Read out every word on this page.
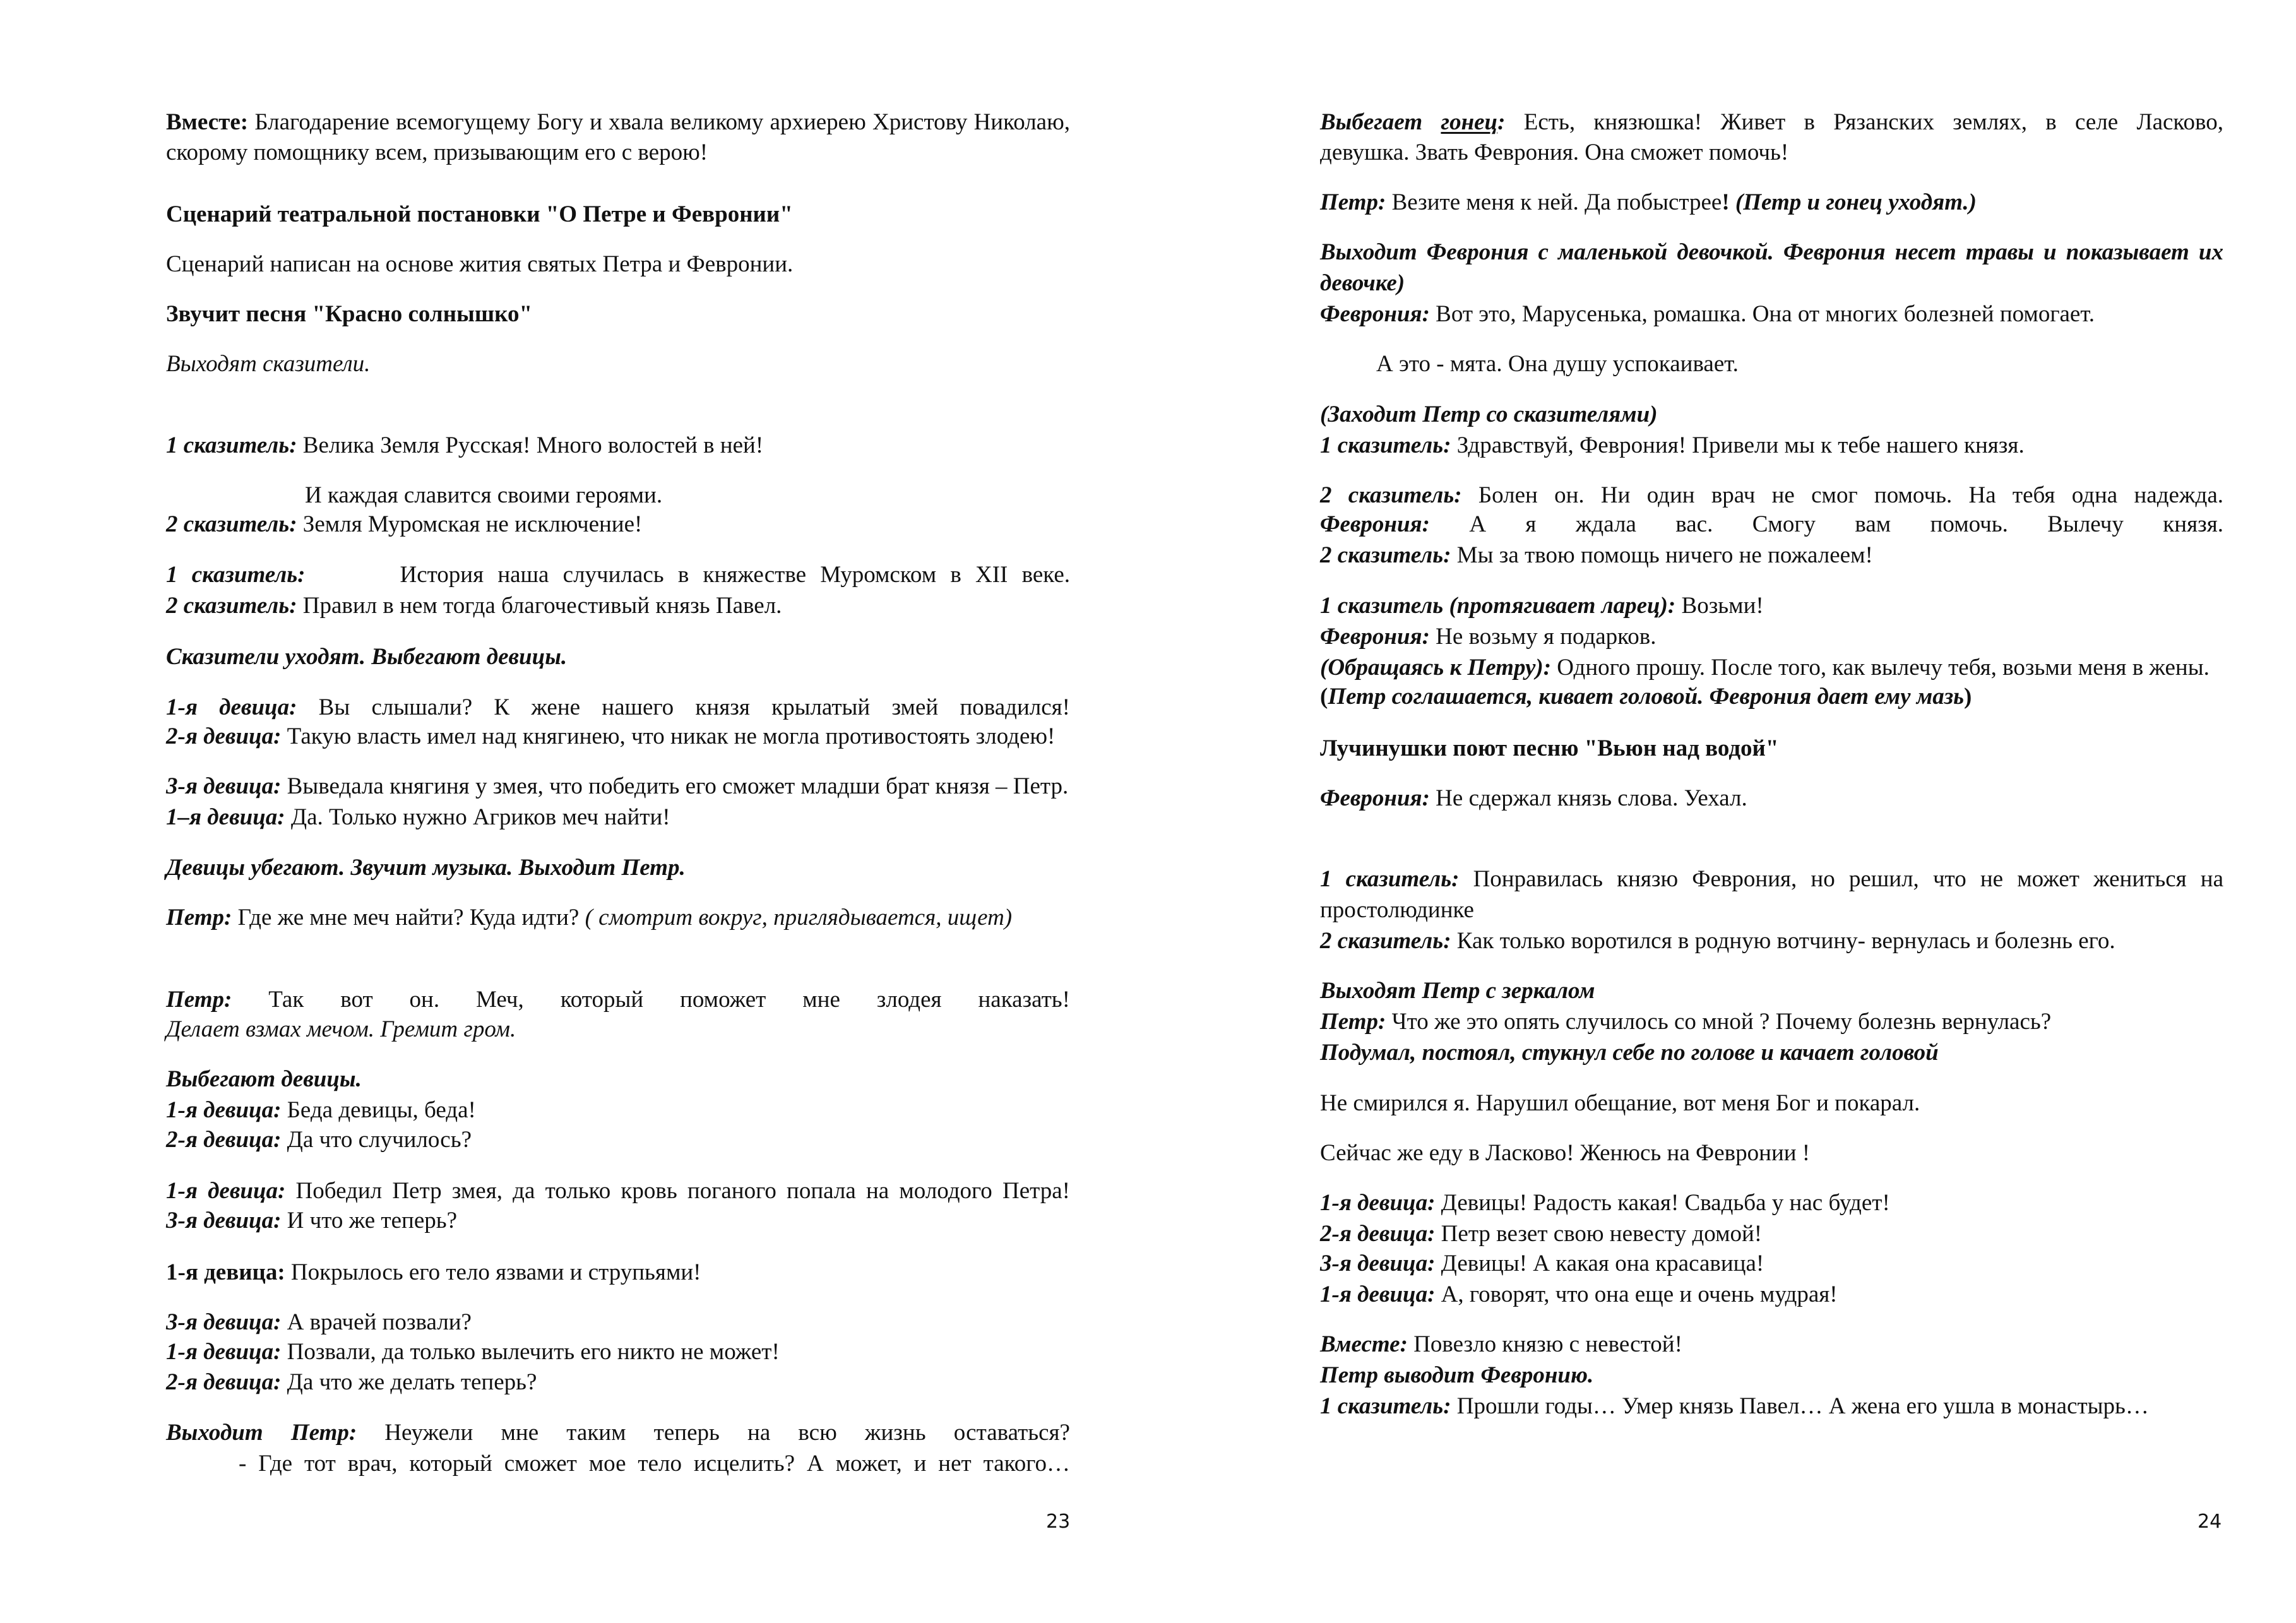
Вместе: Благодарение всемогущему Богу и хвала великому архиерею Христову Николаю,
скорому помощнику всем, призывающим его с верою!
Сценарий театральной постановки "О Петре и Февронии"
Сценарий написан на основе жития святых Петра и Февронии.
Звучит песня "Красно солнышко"
Выходят сказители.
1 сказитель: Велика Земля Русская! Много волостей в ней!
И каждая славится своими героями.
2 сказитель: Земля Муромская не исключение!
1 сказитель:	История наша случилась в княжестве Муромском в XII веке.
2 сказитель: Правил в нем тогда благочестивый князь Павел.
Сказители уходят. Выбегают девицы.
1-я девица: Вы слышали? К жене нашего князя крылатый змей повадился!
2-я девица: Такую власть имел над княгинею, что никак не могла противостоять злодею!
3-я девица: Выведала княгиня у змея, что победить его сможет младши брат князя – Петр.
1–я девица: Да. Только нужно Агриков меч найти!
Девицы убегают. Звучит музыка. Выходит Петр.
Петр: Где же мне меч найти? Куда идти? ( смотрит вокруг, приглядывается, ищет)
Петр: Так вот он. Меч, который поможет мне злодея наказать!
Делает взмах мечом. Гремит гром.
Выбегают девицы.
1-я девица: Беда девицы, беда!
2-я девица: Да что случилось?
1-я девица: Победил Петр змея, да только кровь поганого попала на молодого Петра!
3-я девица: И что же теперь?
1-я девица: Покрылось его тело язвами и струпьями!
3-я девица: А врачей позвали?
1-я девица: Позвали, да только вылечить его никто не может!
2-я девица: Да что же делать теперь?
Выходит Петр: Неужели мне таким теперь на всю жизнь оставаться?
- Где тот врач, который сможет мое тело исцелить? А может, и нет такого…
23
Выбегает гонец: Есть, князюшка! Живет в Рязанских землях, в селе Ласково,
девушка. Звать Феврония. Она сможет помочь!
Петр: Везите меня к ней. Да побыстрее! (Петр и гонец уходят.)
Выходит Феврония с маленькой девочкой. Феврония несет травы и показывает их
девочке)
Феврония: Вот это, Марусенька, ромашка. Она от многих болезней помогает.
А это - мята. Она душу успокаивает.
(Заходит Петр со сказителями)
1 сказитель: Здравствуй, Феврония! Привели мы к тебе нашего князя.
2 сказитель: Болен он. Ни один врач не смог помочь. На тебя одна надежда.
Феврония: А я ждала вас. Смогу вам помочь. Вылечу князя.
2 сказитель: Мы за твою помощь ничего не пожалеем!
1 сказитель (протягивает ларец): Возьми!
Феврония: Не возьму я подарков.
(Обращаясь к Петру): Одного прошу. После того, как вылечу тебя, возьми меня в жены.
(Петр соглашается, кивает головой. Феврония дает ему мазь)
Лучинушки поют песню "Вьюн над водой"
Феврония: Не сдержал князь слова. Уехал.
1 сказитель: Понравилась князю Феврония, но решил, что не может жениться на
простолюдинке
2 сказитель: Как только воротился в родную вотчину- вернулась и болезнь его.
Выходят Петр с зеркалом
Петр: Что же это опять случилось со мной ? Почему болезнь вернулась?
Подумал, постоял, стукнул себе по голове и качает головой
Не смирился я. Нарушил обещание, вот меня Бог и покарал.
Сейчас же еду в Ласково! Женюсь на Февронии !
1-я девица: Девицы! Радость какая! Свадьба у нас будет!
2-я девица: Петр везет свою невесту домой!
3-я девица: Девицы! А какая она красавица!
1-я девица: А, говорят, что она еще и очень мудрая!
Вместе: Повезло князю с невестой!
Петр выводит Февронию.
1 сказитель: Прошли годы… Умер князь Павел… А жена его ушла в монастырь…
24
